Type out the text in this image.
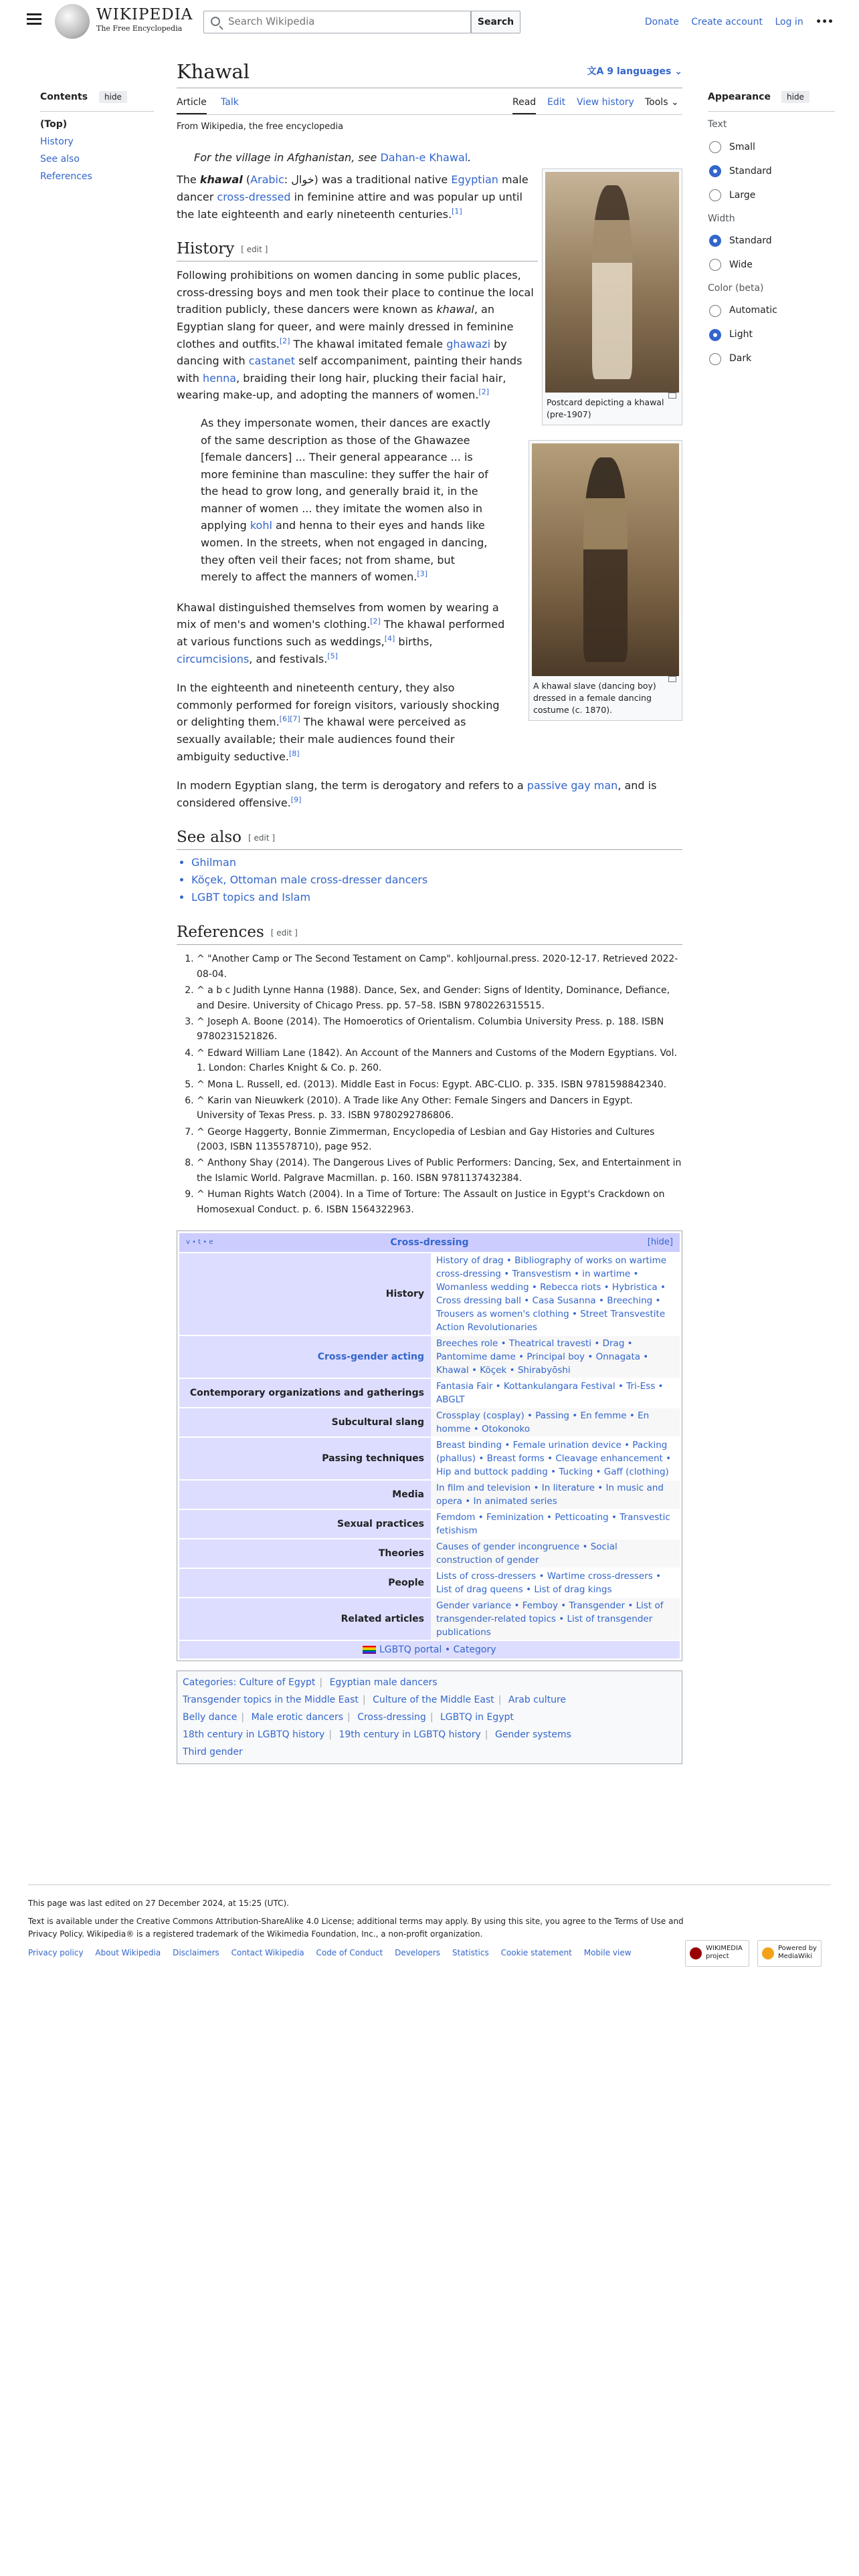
WIKIPEDIA
The Free Encyclopedia
Search Wikipedia
Search	Donate Create account Log in •••
Contents	hide
(Top)
History
See also
References
Appearance	hide
Text
Small
Standard
Large
Width
Standard
Wide
Color (beta)
Automatic
Light
Dark
Khawal	文A 9 languages ⌄
Article Talk	Read Edit View history Tools ⌄
From Wikipedia, the free encyclopedia
For the village in Afghanistan, see Dahan-e Khawal.
Postcard depicting a khawal (pre-1907)
A khawal slave (dancing boy) dressed in a female dancing costume (c. 1870).

The khawal (Arabic: خوال) was a traditional native Egyptian male dancer cross-dressed in feminine attire and was popular up until the late eighteenth and early nineteenth centuries.[1]

History [ edit ]

Following prohibitions on women dancing in some public places, cross-dressing boys and men took their place to continue the local tradition publicly, these dancers were known as khawal, an Egyptian slang for queer, and were mainly dressed in feminine clothes and outfits.[2] The khawal imitated female ghawazi by dancing with castanet self accompaniment, painting their hands with henna, braiding their long hair, plucking their facial hair, wearing make-up, and adopting the manners of women.[2]

As they impersonate women, their dances are exactly of the same description as those of the Ghawazee [female dancers] ... Their general appearance ... is more feminine than masculine: they suffer the hair of the head to grow long, and generally braid it, in the manner of women ... they imitate the women also in applying kohl and henna to their eyes and hands like women. In the streets, when not engaged in dancing, they often veil their faces; not from shame, but merely to affect the manners of women.[3]

Khawal distinguished themselves from women by wearing a mix of men's and women's clothing.[2] The khawal performed at various functions such as weddings,[4] births, circumcisions, and festivals.[5]

In the eighteenth and nineteenth century, they also commonly performed for foreign visitors, variously shocking or delighting them.[6][7] The khawal were perceived as sexually available; their male audiences found their ambiguity seductive.[8]

In modern Egyptian slang, the term is derogatory and refers to a passive gay man, and is considered offensive.[9]

See also [ edit ]
• Ghilman
• Köçek, Ottoman male cross-dresser dancers
• LGBT topics and Islam
References [ edit ]
1. ^ "Another Camp or The Second Testament on Camp". kohljournal.press. 2020-12-17. Retrieved 2022-08-04.
2. ^ a b c Judith Lynne Hanna (1988). Dance, Sex, and Gender: Signs of Identity, Dominance, Defiance, and Desire. University of Chicago Press. pp. 57–58. ISBN 9780226315515.
3. ^ Joseph A. Boone (2014). The Homoerotics of Orientalism. Columbia University Press. p. 188. ISBN 9780231521826.
4. ^ Edward William Lane (1842). An Account of the Manners and Customs of the Modern Egyptians. Vol. 1. London: Charles Knight & Co. p. 260.
5. ^ Mona L. Russell, ed. (2013). Middle East in Focus: Egypt. ABC-CLIO. p. 335. ISBN 9781598842340.
6. ^ Karin van Nieuwkerk (2010). A Trade like Any Other: Female Singers and Dancers in Egypt. University of Texas Press. p. 33. ISBN 9780292786806.
7. ^ George Haggerty, Bonnie Zimmerman, Encyclopedia of Lesbian and Gay Histories and Cultures (2003, ISBN 1135578710), page 952.
8. ^ Anthony Shay (2014). The Dangerous Lives of Public Performers: Dancing, Sex, and Entertainment in the Islamic World. Palgrave Macmillan. p. 160. ISBN 9781137432384.
9. ^ Human Rights Watch (2004). In a Time of Torture: The Assault on Justice in Egypt's Crackdown on Homosexual Conduct. p. 6. ISBN 1564322963.
v • t • e	Cross-dressing	[hide]
History
History of drag • Bibliography of works on wartime cross-dressing • Transvestism • in wartime • Womanless wedding • Rebecca riots • Hybristica • Cross dressing ball • Casa Susanna • Breeching • Trousers as women's clothing • Street Transvestite Action Revolutionaries
Cross-gender acting
Breeches role • Theatrical travesti • Drag • Pantomime dame • Principal boy • Onnagata • Khawal • Köçek • Shirabyōshi
Contemporary organizations and gatherings
Fantasia Fair • Kottankulangara Festival • Tri-Ess • ABGLT
Subcultural slang
Crossplay (cosplay) • Passing • En femme • En homme • Otokonoko
Passing techniques
Breast binding • Female urination device • Packing (phallus) • Breast forms • Cleavage enhancement • Hip and buttock padding • Tucking • Gaff (clothing)
Media
In film and television • In literature • In music and opera • In animated series
Sexual practices
Femdom • Feminization • Petticoating • Transvestic fetishism
Theories
Causes of gender incongruence • Social construction of gender
People
Lists of cross-dressers • Wartime cross-dressers • List of drag queens • List of drag kings
Related articles
Gender variance • Femboy • Transgender • List of transgender-related topics • List of transgender publications
LGBTQ portal • Category
Categories: Culture of Egypt | Egyptian male dancers
Transgender topics in the Middle East | Culture of the Middle East | Arab culture
Belly dance | Male erotic dancers | Cross-dressing | LGBTQ in Egypt
18th century in LGBTQ history | 19th century in LGBTQ history | Gender systems
Third gender

This page was last edited on 27 December 2024, at 15:25 (UTC).

Text is available under the Creative Commons Attribution-ShareAlike 4.0 License; additional terms may apply. By using this site, you agree to the Terms of Use and Privacy Policy. Wikipedia® is a registered trademark of the Wikimedia Foundation, Inc., a non-profit organization.

Privacy policy About Wikipedia Disclaimers Contact Wikipedia Code of Conduct Developers Statistics Cookie statement Mobile view	WIKIMEDIA project
Powered by MediaWiki
